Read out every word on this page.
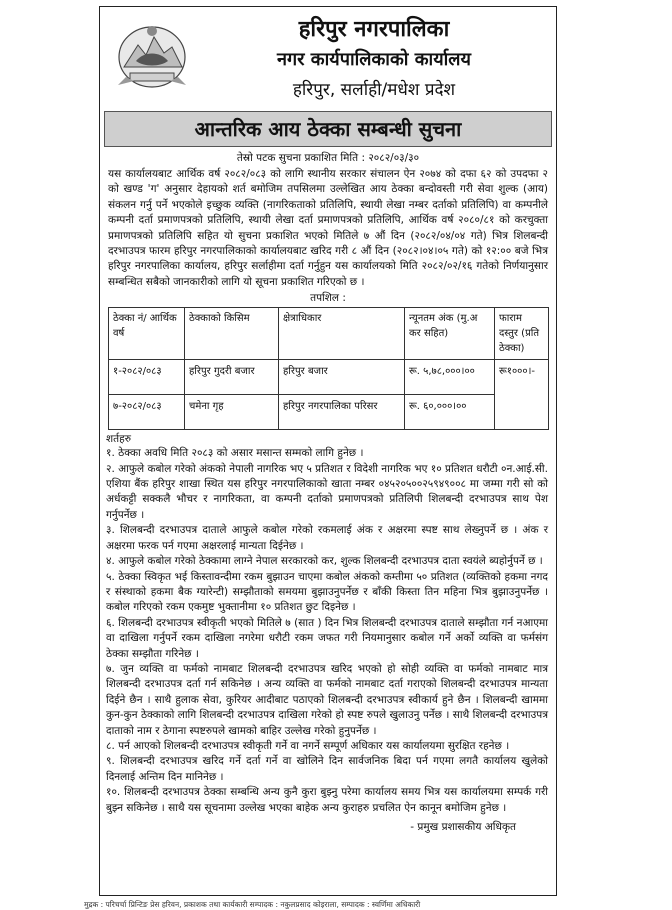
हरिपुर नगरपालिका
नगर कार्यपालिकाको कार्यालय
हरिपुर, सर्लाही/मधेश प्रदेश
आन्तरिक आय ठेक्का सम्बन्धी सुचना
तेस्रो पटक सुचना प्रकाशित मिति : २०८२/०३/३०
यस कार्यालयबाट आर्थिक वर्ष २०८२/०८३ को लागि स्थानीय सरकार संचालन ऐन २०७४ को दफा ६२ को उपदफा २ को खण्ड 'ग' अनुसार देहायको शर्त बमोजिम तपसिलमा उल्लेखित आय ठेक्का बन्दोवस्ती गरी सेवा शुल्क (आय) संकलन गर्नु पर्ने भएकोले इच्छुक व्यक्ति (नागरिकताको प्रतिलिपि, स्थायी लेखा नम्बर दर्ताको प्रतिलिपि) वा कम्पनीले कम्पनी दर्ता प्रमाणपत्रको प्रतिलिपि, स्थायी लेखा दर्ता प्रमाणपत्रको प्रतिलिपि, आर्थिक वर्ष २०८०/८१ को करचुक्ता प्रमाणपत्रको प्रतिलिपि सहित यो सुचना प्रकाशित भएको मितिले ७ औं दिन (२०८२/०४/०४ गते) भित्र शिलबन्दी दरभाउपत्र फारम हरिपुर नगरपालिकाको कार्यालयबाट खरिद गरी ८ औं दिन (२०८२।०४।०५ गते) को १२:०० बजे भित्र हरिपुर नगरपालिका कार्यालय, हरिपुर सर्लाहीमा दर्ता गर्नुहुन यस कार्यालयको मिति २०८२/०२/१६ गतेको निर्णयानुसार सम्बन्धित सबैको जानकारीको लागि यो सूचना प्रकाशित गरिएको छ ।
तपशिल :
ठेक्का नं/ आर्थिक वर्ष	ठेक्काको किसिम	क्षेत्राधिकार	न्यूनतम अंक (मु.अ कर सहित)	फाराम दस्तुर (प्रति ठेक्का)
१-२०८२/०८३	हरिपुर गुदरी बजार	हरिपुर बजार	रू. ५,७८,०००।००	रू१०००।-
७-२०८२/०८३	चमेना गृह	हरिपुर नगरपालिका परिसर	रू. ६०,०००।००	
शर्तहरु
१. ठेक्का अवधि मिति २०८३ को असार मसान्त सम्मको लागि हुनेछ ।
२. आफुले कबोल गरेको अंकको नेपाली नागरिक भए ५ प्रतिशत र विदेशी नागरिक भए १० प्रतिशत धरौटी ०न.आई.सी. एशिया बैंक हरिपुर शाखा स्थित यस हरिपुर नगरपालिकाको खाता नम्बर ०४५२०५००२५९४९००८ मा जम्मा गरी सो को अर्धकट्टी सक्कलै भौचर र नागरिकता, वा कम्पनी दर्ताको प्रमाणपत्रको प्रतिलिपी शिलबन्दी दरभाउपत्र साथ पेश गर्नुपर्नेछ ।
३. शिलबन्दी दरभाउपत्र दाताले आफुले कबोल गरेको रकमलाई अंक र अक्षरमा स्पष्ट साथ लेख्नुपर्ने छ । अंक र अक्षरमा फरक पर्न गएमा अक्षरलाई मान्यता दिईनेछ ।
४. आफुले कबोल गरेको ठेक्कामा लाग्ने नेपाल सरकारको कर, शुल्क शिलबन्दी दरभाउपत्र दाता स्वयंले ब्यहोर्नुपर्ने छ ।
५. ठेक्का स्विकृत भई किस्तावन्दीमा रकम बुझाउन चाएमा कबोल अंकको कम्तीमा ५० प्रतिशत (व्यक्तिको हकमा नगद र संस्थाको हकमा बैक ग्यारेन्टी) सम्झौताको समयमा बुझाउनुपर्नेछ र बाँकी किस्ता तिन महिना भित्र बुझाउनुपर्नेछ । कबोल गरिएको रकम एकमुष्ट भुक्तानीमा १० प्रतिशत छुट दिइनेछ ।
६. शिलबन्दी दरभाउपत्र स्वीकृती भएको मितिले ७ (सात ) दिन भित्र शिलबन्दी दरभाउपत्र दाताले सम्झौता गर्न नआएमा वा दाखिला गर्नुपर्ने रकम दाखिला नगरेमा धरौटी रकम जफत गरी नियमानुसार कबोल गर्ने अर्को व्यक्ति वा फर्मसंग ठेक्का सम्झौता गरिनेछ ।
७. जुन व्यक्ति वा फर्मको नामबाट शिलबन्दी दरभाउपत्र खरिद भएको हो सोही व्यक्ति वा फर्मको नामबाट मात्र शिलबन्दी दरभाउपत्र दर्ता गर्न सकिनेछ । अन्य व्यक्ति वा फर्मको नामबाट दर्ता गराएको शिलबन्दी दरभाउपत्र मान्यता दिईने छैन । साथै हुलाक सेवा, कुरियर आदीबाट पठाएको शिलबन्दी दरभाउपत्र स्वीकार्य हुने छैन । शिलबन्दी खाममा कुन-कुन ठेक्काको लागि शिलबन्दी दरभाउपत्र दाखिला गरेको हो स्पष्ट रुपले खुलाउनु पर्नेछ । साथै शिलबन्दी दरभाउपत्र दाताको नाम र ठेगाना स्पष्टरुपले खामको बाहिर उल्लेख गरेको हुनुपर्नेछ ।
८. पर्न आएको शिलबन्दी दरभाउपत्र स्वीकृती गर्ने वा नगर्ने सम्पूर्ण अधिकार यस कार्यालयमा सुरक्षित रहनेछ ।
९. शिलबन्दी दरभाउपत्र खरिद गर्ने दर्ता गर्ने वा खोलिने दिन सार्वजनिक बिदा पर्न गएमा लगतै कार्यालय खुलेको दिनलाई अन्तिम दिन मानिनेछ ।
१०. शिलबन्दी दरभाउपत्र ठेक्का सम्बन्धि अन्य कुनै कुरा बुझ्नु परेमा कार्यालय समय भित्र यस कार्यालयमा सम्पर्क गरी बुझ्न सकिनेछ । साथै यस सूचनामा उल्लेख भएका बाहेक अन्य कुराहरु प्रचलित ऐन कानून बमोजिम हुनेछ ।
- प्रमुख प्रशासकीय अधिकृत
मुद्रक : परिचर्चा प्रिन्टिङ प्रेस हरिवन, प्रकाशक तथा कार्यकारी सम्पादक : नकुलप्रसाद कोइराला, सम्पादक : स्वर्णिमा अधिकारी
